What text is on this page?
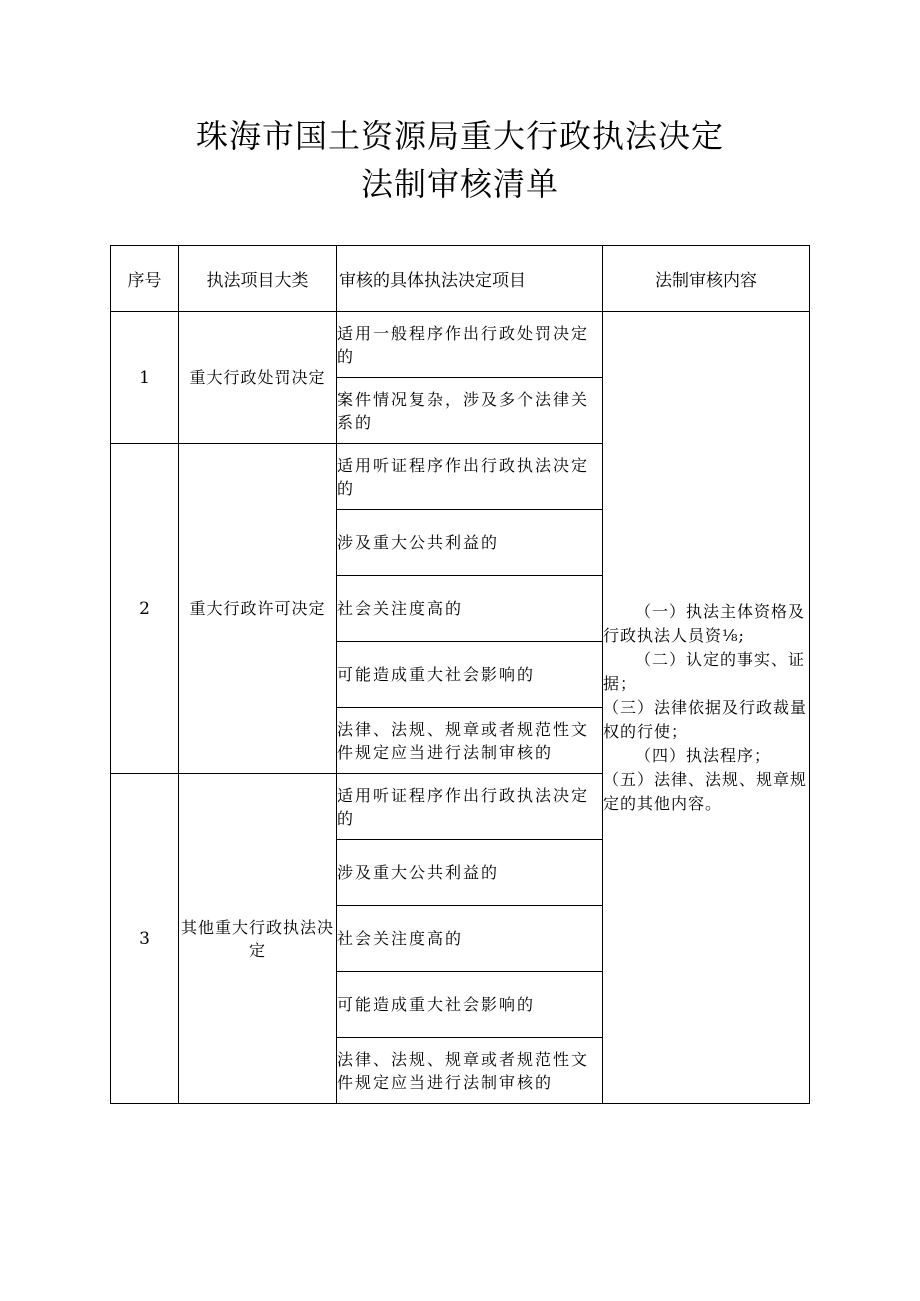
珠海市国土资源局重大行政执法决定
法制审核清单
序号	执法项目大类	审核的具体执法决定项目	法制审核内容
1	重大行政处罚决定	适用一般程序作出行政处罚决定的	（一）执法主体资格及行政执法人员资⅛;
（二）认定的事实、证据；
（三）法律依据及行政裁量权的行使；
（四）执法程序；
（五）法律、法规、规章规定的其他内容。

		案件情况复杂，涉及多个法律关系的	
2	重大行政许可决定	适用听证程序作出行政执法决定的	
		涉及重大公共利益的	
		社会关注度高的	
		可能造成重大社会影响的	
		法律、法规、规章或者规范性文件规定应当进行法制审核的	
3	其他重大行政执法决定	适用听证程序作出行政执法决定的	
		涉及重大公共利益的	
		社会关注度高的	
		可能造成重大社会影响的	
		法律、法规、规章或者规范性文件规定应当进行法制审核的	
